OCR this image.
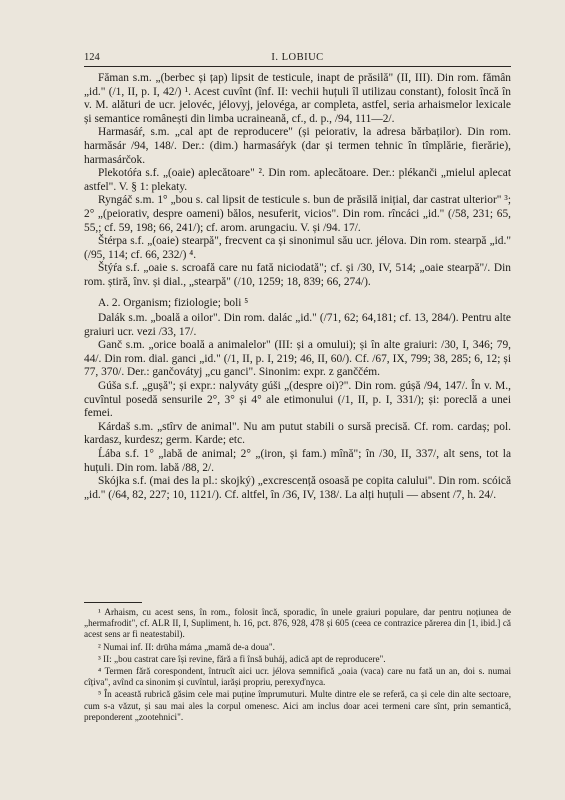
124	I. LOBIUC

Făman s.m. „(berbec și țap) lipsit de testicule, inapt de prăsilă" (II, III). Din rom. fămân „id." (/1, II, p. I, 42/) ¹. Acest cuvînt (înf. II: vechii huțuli îl utilizau constant), folosit încă în v. M. alături de ucr. jelovéc, jélovyj, jelovéga, ar completa, astfel, seria arhaismelor lexicale și semantice românești din limba ucraineană, cf., d. p., /94, 111—2/.

Harmasáŕ, s.m. „cal apt de reproducere" (și peiorativ, la adresa bărbaților). Din rom. harmăsár /94, 148/. Der.: (dim.) harmasáŕyk (dar și termen tehnic în tîmplărie, fierărie), harmasárčok.

Plekotóŕa s.f. „(oaie) aplecătoare" ². Din rom. aplecătoare. Der.: plékanči „mielul aplecat astfel". V. § 1: plekaty.

Ryngáč s.m. 1° „bou s. cal lipsit de testicule s. bun de prăsilă inițial, dar castrat ulterior" ³; 2° „(peiorativ, despre oameni) bălos, nesuferit, vicios". Din rom. rîncáci „id." (/58, 231; 65, 55,; cf. 59, 198; 66, 241/); cf. arom. arungaciu. V. și /94. 17/.

Štérpa s.f. „(oaie) stearpă", frecvent ca și sinonimul său ucr. jélova. Din rom. stearpă „id." (/95, 114; cf. 66, 232/) ⁴.

Štýŕa s.f. „oaie s. scroafă care nu fată niciodată"; cf. și /30, IV, 514; „oaie stearpă"/. Din rom. știră, înv. și dial., „stearpă" (/10, 1259; 18, 839; 66, 274/).

A. 2. Organism; fiziologie; boli ⁵

Dalák s.m. „boală a oilor". Din rom. dalác „id." (/71, 62; 64,181; cf. 13, 284/). Pentru alte graiuri ucr. vezi /33, 17/.

Ganč s.m. „orice boală a animalelor" (III: și a omului); și în alte graiuri: /30, I, 346; 79, 44/. Din rom. dial. ganci „id." (/1, II, p. I, 219; 46, II, 60/). Cf. /67, IX, 799; 38, 285; 6, 12; și 77, 370/. Der.: gančovátyj „cu ganci". Sinonim: expr. z ganččém.

Gúša s.f. „gușă"; și expr.: nalyváty gúši „(despre oi)?". Din rom. gúșă /94, 147/. În v. M., cuvîntul posedă sensurile 2°, 3° și 4° ale etimonului (/1, II, p. I, 331/); și: poreclă a unei femei.

Kárdaš s.m. „stîrv de animal". Nu am putut stabili o sursă precisă. Cf. rom. cardaș; pol. kardasz, kurdesz; germ. Karde; etc.

Ĺába s.f. 1° „labă de animal; 2° „(iron, și fam.) mînă"; în /30, II, 337/, alt sens, tot la huțuli. Din rom. labă /88, 2/.

Skójka s.f. (mai des la pl.: skojký) „excrescență osoasă pe copita calului". Din rom. scóică „id." (/64, 82, 227; 10, 1121/). Cf. altfel, în /36, IV, 138/. La alți huțuli — absent /7, h. 24/.

¹ Arhaism, cu acest sens, în rom., folosit încă, sporadic, în unele graiuri populare, dar pentru noțiunea de „hermafrodit", cf. ALR II, I, Supliment, h. 16, pct. 876, 928, 478 și 605 (ceea ce contrazice părerea din [1, ibid.] că acest sens ar fi neatestabil).

² Numai inf. II: drūha máma „mamă de-a doua".

³ II: „bou castrat care își revine, fără a fi însă buháj, adică apt de reproducere".

⁴ Termen fără corespondent, întrucît aici ucr. jélova semnifică „oaia (vaca) care nu fată un an, doi s. numai cîțiva", avînd ca sinonim și cuvîntul, iarăși propriu, perexyďnyca.

⁵ În această rubrică găsim cele mai puține împrumuturi. Multe dintre ele se referă, ca și cele din alte sectoare, cum s-a văzut, și sau mai ales la corpul omenesc. Aici am inclus doar acei termeni care sînt, prin semantică, preponderent „zootehnici".
